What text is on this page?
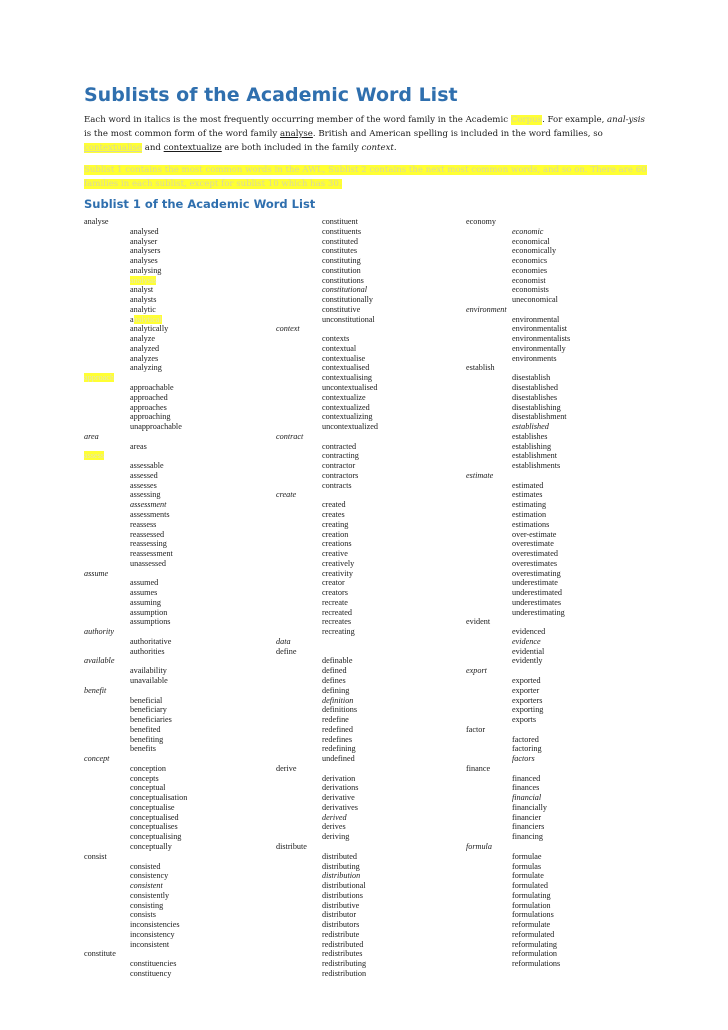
Sublists of the Academic Word List

Each word in italics is the most frequently occurring member of the word family in the Academic Corpus. For example, anal-ysis is the most common form of the word family analyse. British and American spelling is included in the word families, so contextualise and contextualize are both included in the family context.

Sublist 1 contains the most common words in the AWL, Sublist 2 contains the next most common words, and so on. There are 60 families in each sublist, except for sublist 10 which has 30.

Sublist 1 of the Academic Word List
analyse
analysed
analyser
analysers
analyses
analysing
analysis
analyst
analysts
analytic
analytical
analytically
analyze
analyzed
analyzes
analyzing
approach
approachable
approached
approaches
approaching
unapproachable
area
areas
assess
assessable
assessed
assesses
assessing
assessment
assessments
reassess
reassessed
reassessing
reassessment
unassessed
assume
assumed
assumes
assuming
assumption
assumptions
authority
authoritative
authorities
available
availability
unavailable
benefit
beneficial
beneficiary
beneficiaries
benefited
benefiting
benefits
concept
conception
concepts
conceptual
conceptualisation
conceptualise
conceptualised
conceptualises
conceptualising
conceptually
consist
consisted
consistency
consistent
consistently
consisting
consists
inconsistencies
inconsistency
inconsistent
constitute
constituencies
constituency
constituent
constituents
constituted
constitutes
constituting
constitution
constitutions
constitutional
constitutionally
constitutive
unconstitutional
context
contexts
contextual
contextualise
contextualised
contextualising
uncontextualised
contextualize
contextualized
contextualizing
uncontextualized
contract
contracted
contracting
contractor
contractors
contracts
create
created
creates
creating
creation
creations
creative
creatively
creativity
creator
creators
recreate
recreated
recreates
recreating
data
define
definable
defined
defines
defining
definition
definitions
redefine
redefined
redefines
redefining
undefined
derive
derivation
derivations
derivative
derivatives
derived
derives
deriving
distribute
distributed
distributing
distribution
distributional
distributions
distributive
distributor
distributors
redistribute
redistributed
redistributes
redistributing
redistribution
economy
economic
economical
economically
economics
economies
economist
economists
uneconomical
environment
environmental
environmentalist
environmentalists
environmentally
environments
establish
disestablish
disestablished
disestablishes
disestablishing
disestablishment
established
establishes
establishing
establishment
establishments
estimate
estimated
estimates
estimating
estimation
estimations
over-estimate
overestimate
overestimated
overestimates
overestimating
underestimate
underestimated
underestimates
underestimating
evident
evidenced
evidence
evidential
evidently
export
exported
exporter
exporters
exporting
exports
factor
factored
factoring
factors
finance
financed
finances
financial
financially
financier
financiers
financing
formula
formulae
formulas
formulate
formulated
formulating
formulation
formulations
reformulate
reformulated
reformulating
reformulation
reformulations
